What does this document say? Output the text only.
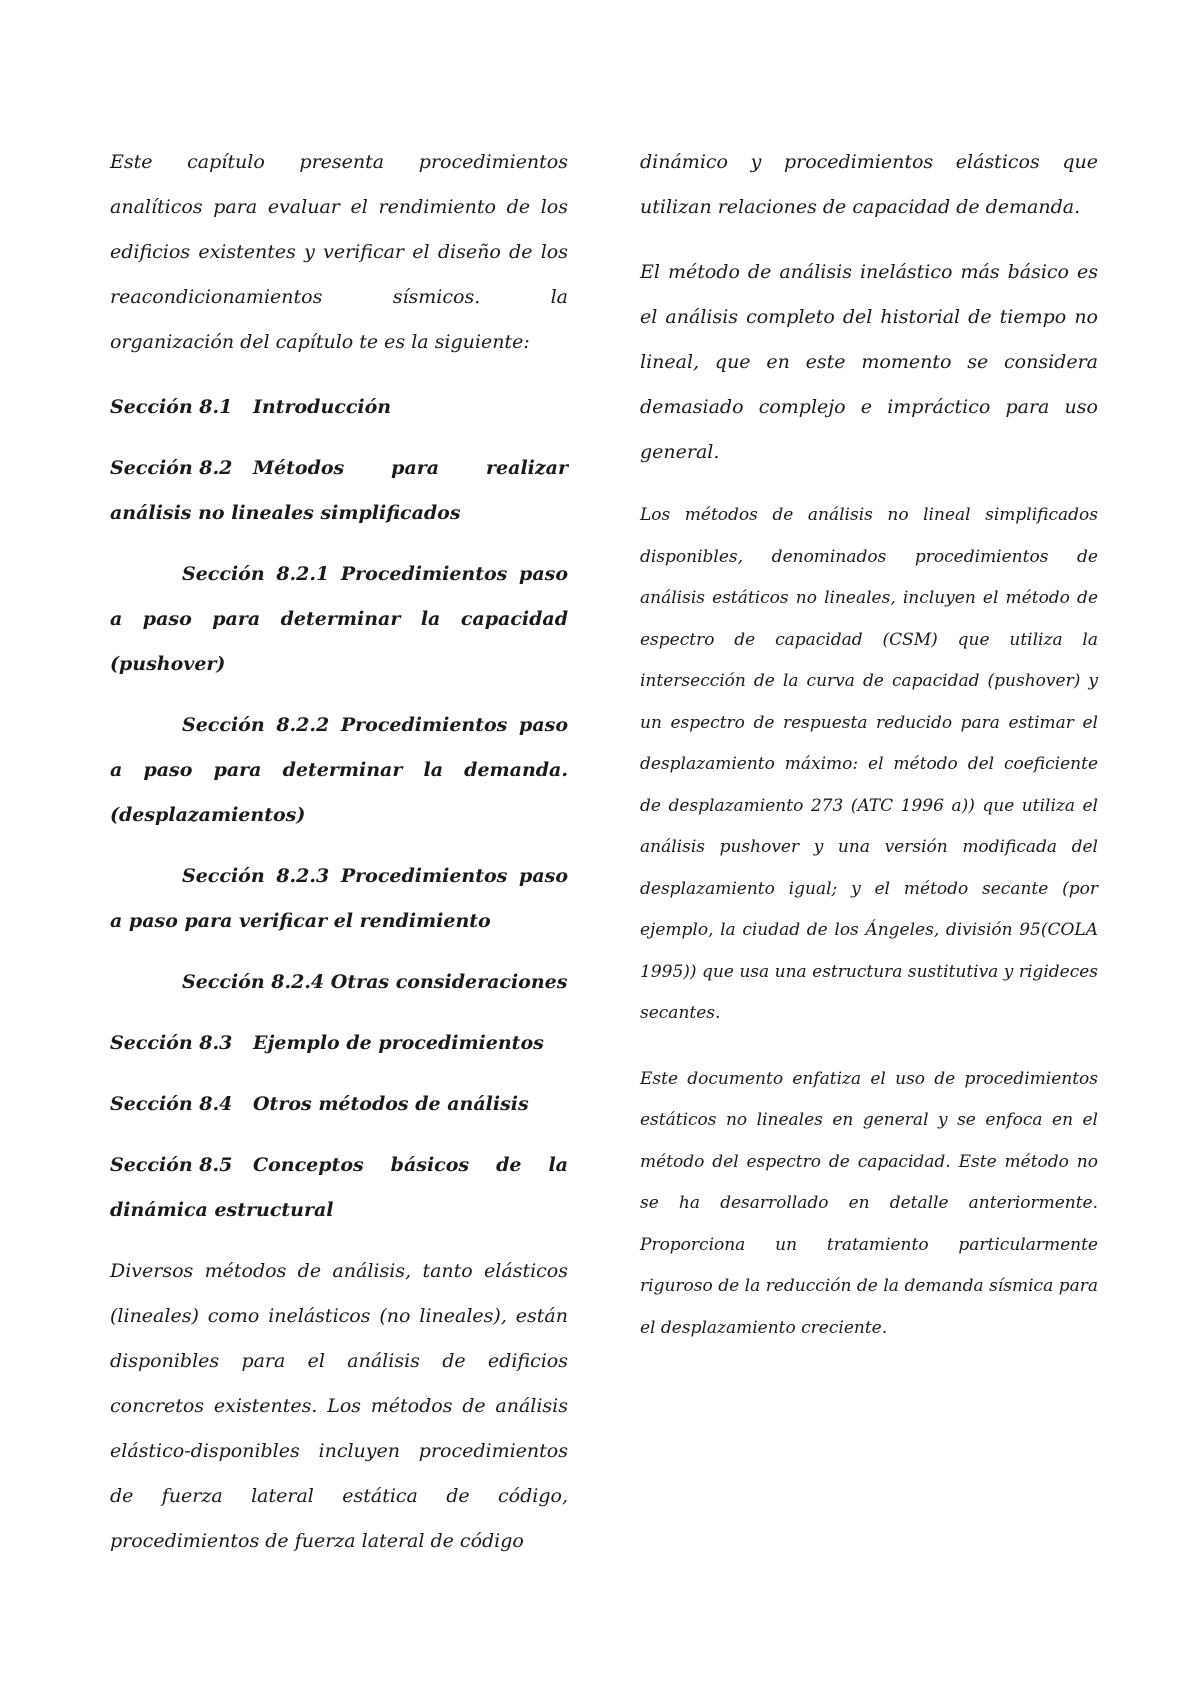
Este capítulo presenta procedimientos analíticos para evaluar el rendimiento de los edificios existentes y verificar el diseño de los reacondicionamientos sísmicos. la organización del capítulo te es la siguiente:

Sección 8.1 Introducción

Sección 8.2 Métodos para realizar análisis no lineales simplificados

Sección 8.2.1 Procedimientos paso a paso para determinar la capacidad (pushover)

Sección 8.2.2 Procedimientos paso a paso para determinar la demanda. (desplazamientos)

Sección 8.2.3 Procedimientos paso a paso para verificar el rendimiento

Sección 8.2.4 Otras consideraciones

Sección 8.3 Ejemplo de procedimientos

Sección 8.4 Otros métodos de análisis

Sección 8.5 Conceptos básicos de la dinámica estructural

Diversos métodos de análisis, tanto elásticos (lineales) como inelásticos (no lineales), están disponibles para el análisis de edificios concretos existentes. Los métodos de análisis elástico-disponibles incluyen procedimientos de fuerza lateral estática de código, procedimientos de fuerza lateral de código

dinámico y procedimientos elásticos que utilizan relaciones de capacidad de demanda.

El método de análisis inelástico más básico es el análisis completo del historial de tiempo no lineal, que en este momento se considera demasiado complejo e impráctico para uso general.

Los métodos de análisis no lineal simplificados disponibles, denominados procedimientos de análisis estáticos no lineales, incluyen el método de espectro de capacidad (CSM) que utiliza la intersección de la curva de capacidad (pushover) y un espectro de respuesta reducido para estimar el desplazamiento máximo: el método del coeficiente de desplazamiento 273 (ATC 1996 a)) que utiliza el análisis pushover y una versión modificada del desplazamiento igual; y el método secante (por ejemplo, la ciudad de los Ángeles, división 95(COLA 1995)) que usa una estructura sustitutiva y rigideces secantes.

Este documento enfatiza el uso de procedimientos estáticos no lineales en general y se enfoca en el método del espectro de capacidad. Este método no se ha desarrollado en detalle anteriormente. Proporciona un tratamiento particularmente riguroso de la reducción de la demanda sísmica para el desplazamiento creciente.
